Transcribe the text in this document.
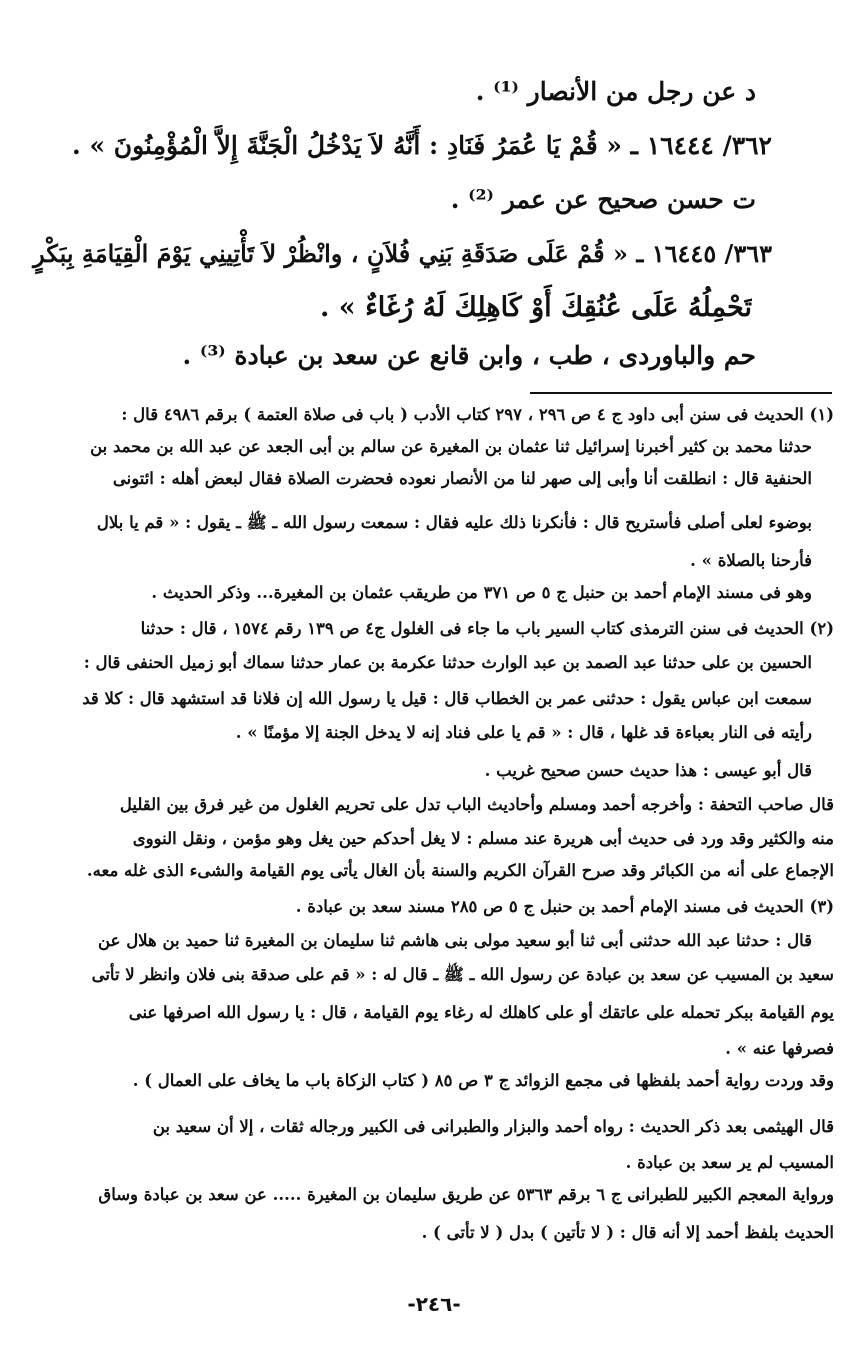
د عن رجل من الأنصار ⁽¹⁾ .

٣٦٢/ ١٦٤٤٤ ـ « قُمْ يَا عُمَرُ فَنَادِ : أَنَّهُ لاَ يَدْخُلُ الْجَنَّةَ إِلاَّ الْمُؤْمِنُونَ » .

ت حسن صحيح عن عمر ⁽²⁾ .

٣٦٣/ ١٦٤٤٥ ـ « قُمْ عَلَى صَدَقَةِ بَنِي فُلاَنٍ ، وانْظُرْ لاَ تَأْتِينِي يَوْمَ الْقِيَامَةِ بِبَكْرٍ

تَحْمِلُهُ عَلَى عُنُقِكَ أَوْ كَاهِلِكَ لَهُ رُغَاءٌ » .

حم والباوردى ، طب ، وابن قانع عن سعد بن عبادة ⁽³⁾ .

(١) الحديث فى سنن أبى داود ج ٤ ص ٢٩٦ ، ٢٩٧ كتاب الأدب ( باب فى صلاة العتمة ) برقم ٤٩٨٦ قال :

حدثنا محمد بن كثير أخبرنا إسرائيل ثنا عثمان بن المغيرة عن سالم بن أبى الجعد عن عبد الله بن محمد بن

الحنفية قال : انطلقت أنا وأبى إلى صهر لنا من الأنصار نعوده فحضرت الصلاة فقال لبعض أهله : ائتونى

بوضوء لعلى أصلى فأستريح قال : فأنكرنا ذلك عليه فقال : سمعت رسول الله ـ ﷺ ـ يقول : « قم يا بلال

فأرحنا بالصلاة » .

وهو فى مسند الإمام أحمد بن حنبل ج ٥ ص ٣٧١ من طريقب عثمان بن المغيرة... وذكر الحديث .

(٢) الحديث فى سنن الترمذى كتاب السير باب ما جاء فى الغلول ج٤ ص ١٣٩ رقم ١٥٧٤ ، قال : حدثنا

الحسين بن على حدثنا عبد الصمد بن عبد الوارث حدثنا عكرمة بن عمار حدثنا سماك أبو زميل الحنفى قال :

سمعت ابن عباس يقول : حدثنى عمر بن الخطاب قال : قيل يا رسول الله إن فلانا قد استشهد قال : كلا قد

رأيته فى النار بعباءة قد غلها ، قال : « قم يا على فناد إنه لا يدخل الجنة إلا مؤمنًا » .

قال أبو عيسى : هذا حديث حسن صحيح غريب .

قال صاحب التحفة : وأخرجه أحمد ومسلم وأحاديث الباب تدل على تحريم الغلول من غير فرق بين القليل

منه والكثير وقد ورد فى حديث أبى هريرة عند مسلم : لا يغل أحدكم حين يغل وهو مؤمن ، ونقل النووى

الإجماع على أنه من الكبائر وقد صرح القرآن الكريم والسنة بأن الغال يأتى يوم القيامة والشىء الذى غله معه.

(٣) الحديث فى مسند الإمام أحمد بن حنبل ج ٥ ص ٢٨٥ مسند سعد بن عبادة .

قال : حدثنا عبد الله حدثنى أبى ثنا أبو سعيد مولى بنى هاشم ثنا سليمان بن المغيرة ثنا حميد بن هلال عن

سعيد بن المسيب عن سعد بن عبادة عن رسول الله ـ ﷺ ـ قال له : « قم على صدقة بنى فلان وانظر لا تأتى

يوم القيامة ببكر تحمله على عاتقك أو على كاهلك له رغاء يوم القيامة ، قال : يا رسول الله اصرفها عنى

فصرفها عنه » .

وقد وردت رواية أحمد بلفظها فى مجمع الزوائد ج ٣ ص ٨٥ ( كتاب الزكاة باب ما يخاف على العمال ) .

قال الهيثمى بعد ذكر الحديث : رواه أحمد والبزار والطبرانى فى الكبير ورجاله ثقات ، إلا أن سعيد بن

المسيب لم ير سعد بن عبادة .

ورواية المعجم الكبير للطبرانى ج ٦ برقم ٥٣٦٣ عن طريق سليمان بن المغيرة ..... عن سعد بن عبادة وساق

الحديث بلفظ أحمد إلا أنه قال : ( لا تأتين ) بدل ( لا تأتى ) .

-٢٤٦-
